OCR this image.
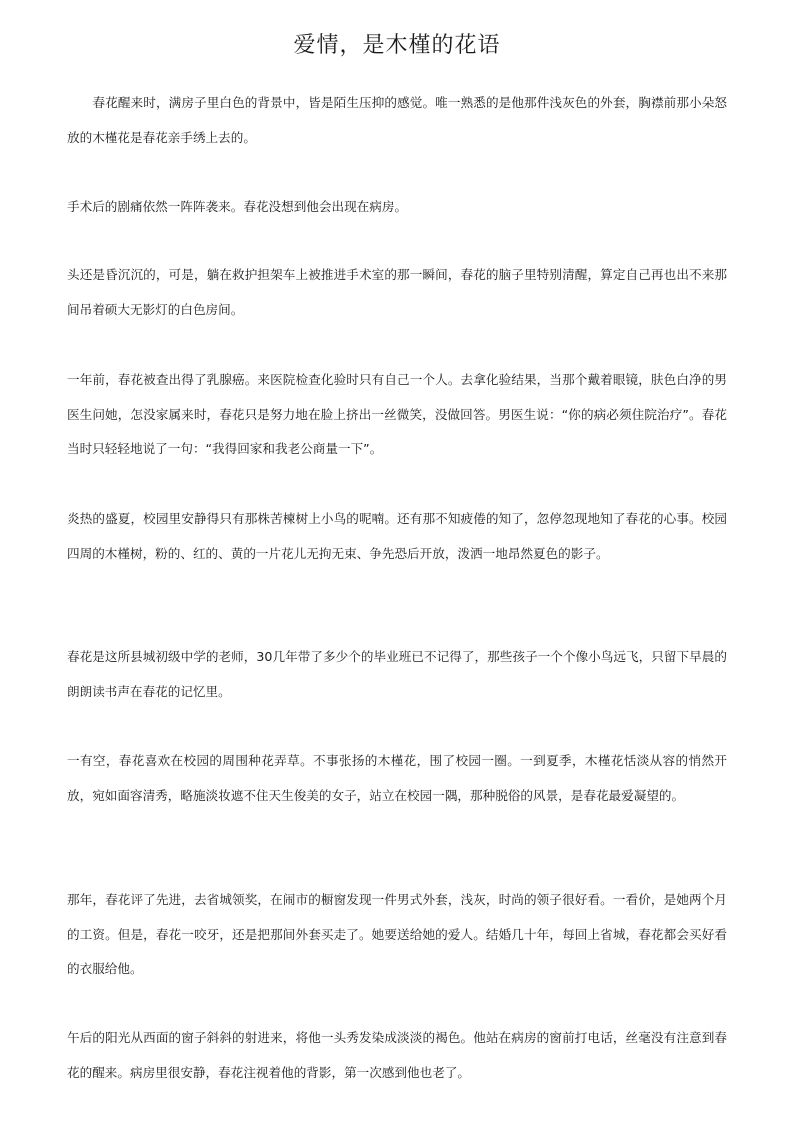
爱情，是木槿的花语

春花醒来时，满房子里白色的背景中，皆是陌生压抑的感觉。唯一熟悉的是他那件浅灰色的外套，胸襟前那小朵怒放的木槿花是春花亲手绣上去的。

手术后的剧痛依然一阵阵袭来。春花没想到他会出现在病房。

头还是昏沉沉的，可是，躺在救护担架车上被推进手术室的那一瞬间，春花的脑子里特别清醒，算定自己再也出不来那间吊着硕大无影灯的白色房间。

一年前，春花被查出得了乳腺癌。来医院检查化验时只有自己一个人。去拿化验结果，当那个戴着眼镜，肤色白净的男医生问她，怎没家属来时，春花只是努力地在脸上挤出一丝微笑，没做回答。男医生说：“你的病必须住院治疗”。春花当时只轻轻地说了一句：“我得回家和我老公商量一下”。

炎热的盛夏，校园里安静得只有那株苦楝树上小鸟的呢喃。还有那不知疲倦的知了，忽停忽现地知了春花的心事。校园四周的木槿树，粉的、红的、黄的一片花儿无拘无束、争先恐后开放，泼洒一地昂然夏色的影子。

春花是这所县城初级中学的老师，30几年带了多少个的毕业班已不记得了，那些孩子一个个像小鸟远飞，只留下早晨的朗朗读书声在春花的记忆里。

一有空，春花喜欢在校园的周围种花弄草。不事张扬的木槿花，围了校园一圈。一到夏季，木槿花恬淡从容的悄然开放，宛如面容清秀，略施淡妆遮不住天生俊美的女子，站立在校园一隅，那种脱俗的风景，是春花最爱凝望的。

那年，春花评了先进，去省城领奖，在闹市的橱窗发现一件男式外套，浅灰，时尚的领子很好看。一看价，是她两个月的工资。但是，春花一咬牙，还是把那间外套买走了。她要送给她的爱人。结婚几十年，每回上省城，春花都会买好看的衣服给他。

午后的阳光从西面的窗子斜斜的射进来，将他一头秀发染成淡淡的褐色。他站在病房的窗前打电话，丝毫没有注意到春花的醒来。病房里很安静，春花注视着他的背影，第一次感到他也老了。
